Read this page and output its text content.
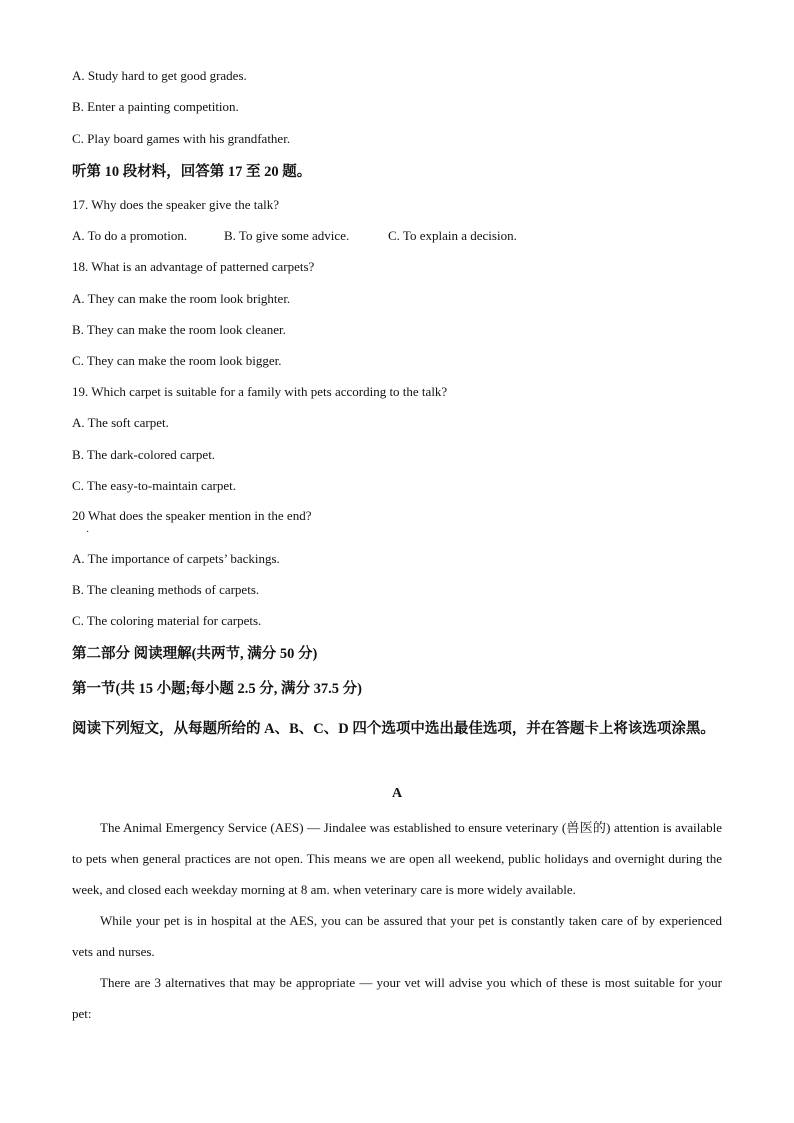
A. Study hard to get good grades.

B. Enter a painting competition.

C. Play board games with his grandfather.

听第 10 段材料，回答第 17 至 20 题。

17. Why does the speaker give the talk?

A. To do a promotion.	B. To give some advice.	C. To explain a decision.

18. What is an advantage of patterned carpets?

A. They can make the room look brighter.

B. They can make the room look cleaner.

C. They can make the room look bigger.

19. Which carpet is suitable for a family with pets according to the talk?

A. The soft carpet.

B. The dark-colored carpet.

C. The easy-to-maintain carpet.

20 What does the speaker mention in the end?

·

A. The importance of carpets’ backings.

B. The cleaning methods of carpets.

C. The coloring material for carpets.

第二部分 阅读理解(共两节, 满分 50 分)

第一节(共 15 小题;每小题 2.5 分, 满分 37.5 分)

阅读下列短文，从每题所给的 A、B、C、D 四个选项中选出最佳选项，并在答题卡上将该选项涂黑。

A

The Animal Emergency Service (AES) — Jindalee was established to ensure veterinary (兽医的) attention is available to pets when general practices are not open. This means we are open all weekend, public holidays and overnight during the week, and closed each weekday morning at 8 am. when veterinary care is more widely available.

While your pet is in hospital at the AES, you can be assured that your pet is constantly taken care of by experienced vets and nurses.

There are 3 alternatives that may be appropriate — your vet will advise you which of these is most suitable for your pet:
